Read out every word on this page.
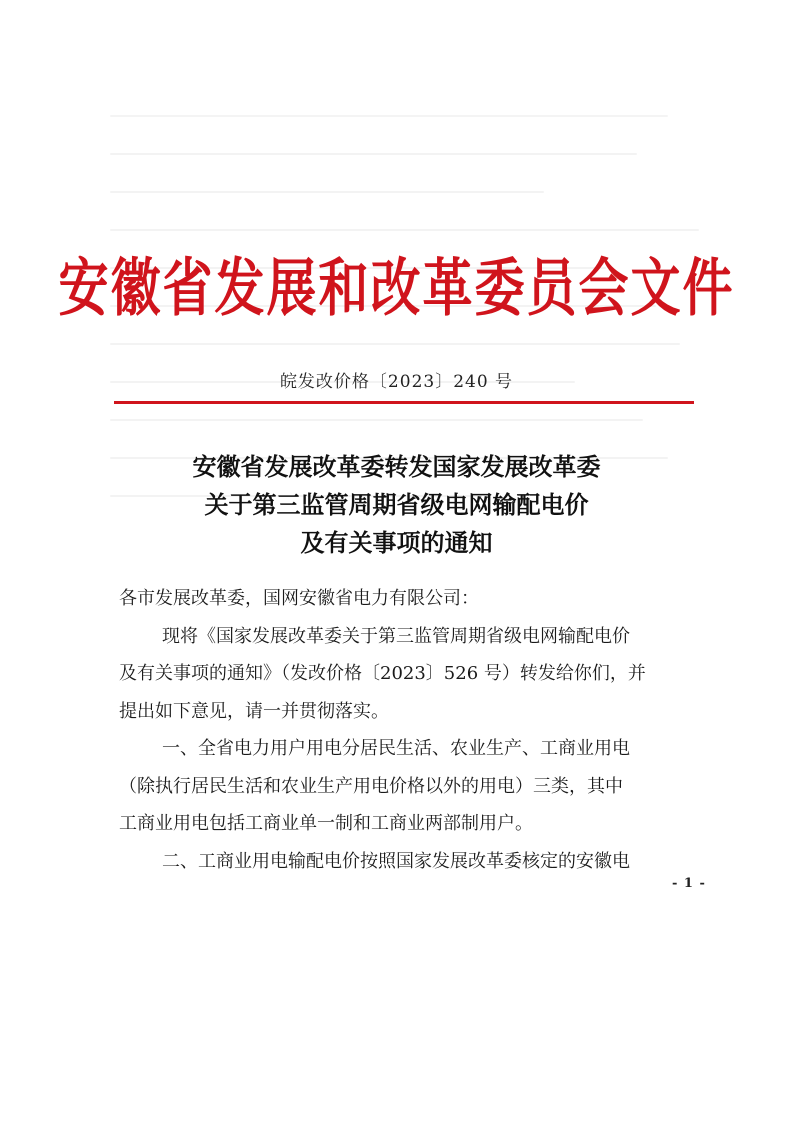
安徽省发展和改革委员会文件
皖发改价格〔2023〕240 号
安徽省发展改革委转发国家发展改革委
关于第三监管周期省级电网输配电价
及有关事项的通知

各市发展改革委，国网安徽省电力有限公司：

现将《国家发展改革委关于第三监管周期省级电网输配电价

及有关事项的通知》（发改价格〔2023〕526 号）转发给你们，并

提出如下意见，请一并贯彻落实。

一、全省电力用户用电分居民生活、农业生产、工商业用电

（除执行居民生活和农业生产用电价格以外的用电）三类，其中

工商业用电包括工商业单一制和工商业两部制用户。

二、工商业用电输配电价按照国家发展改革委核定的安徽电

- 1 -
